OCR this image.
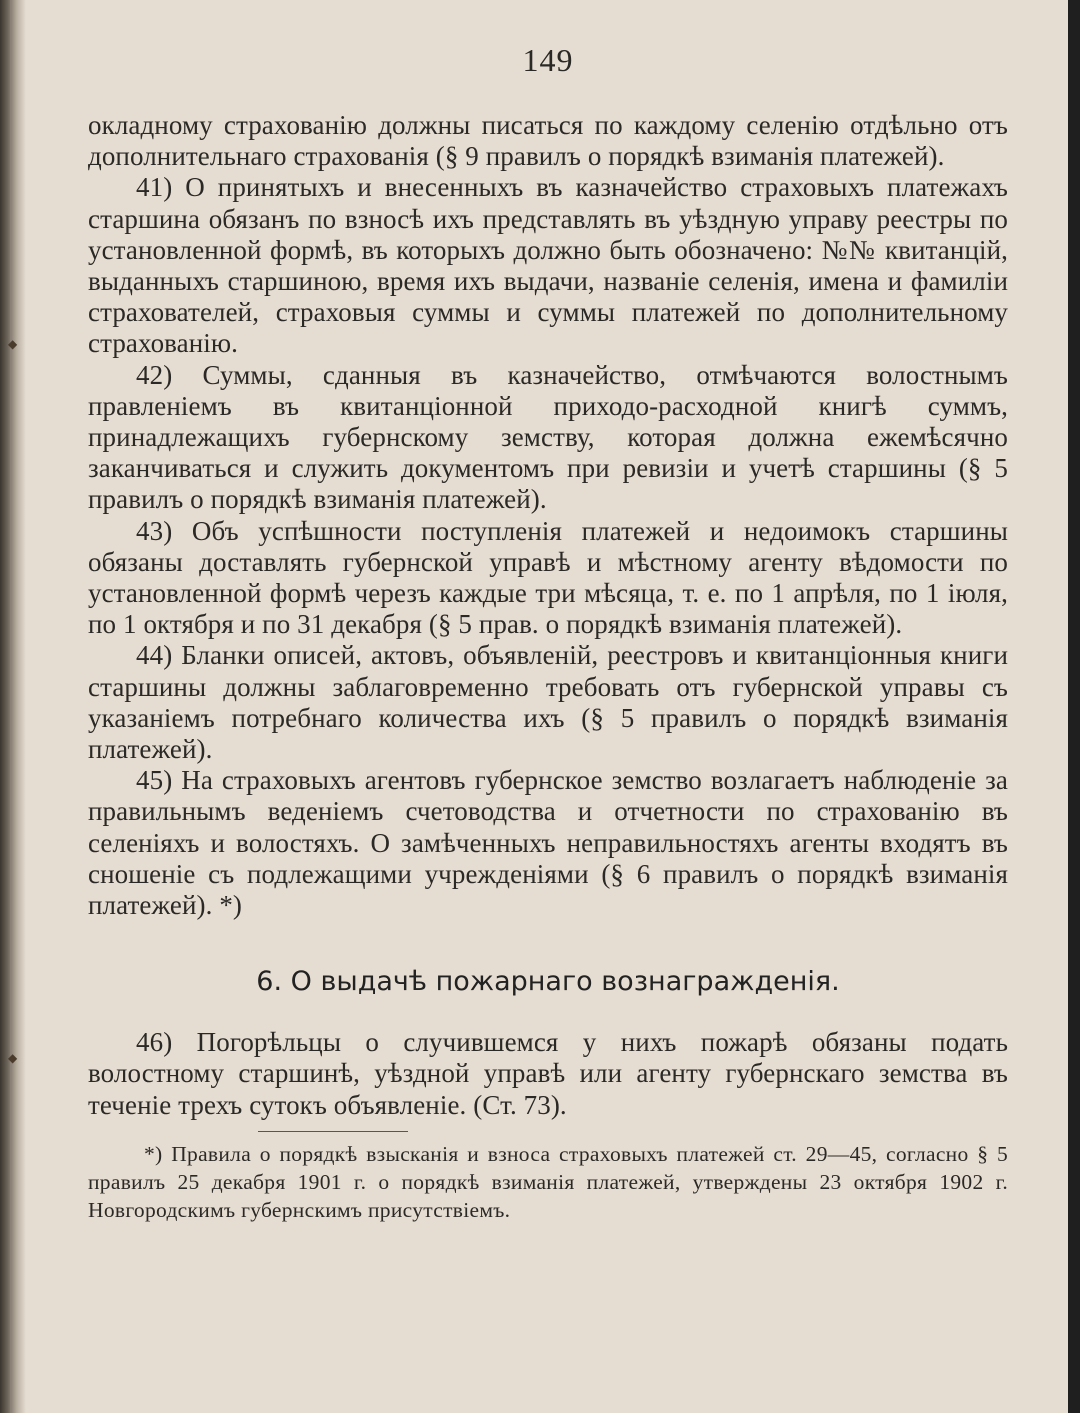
◆
◆
149

окладному страхованію должны писаться по каждому селенію отдѣльно отъ дополнительнаго страхованія (§ 9 правилъ о порядкѣ взиманія платежей).

41) О принятыхъ и внесенныхъ въ казначейство страховыхъ платежахъ старшина обязанъ по взносѣ ихъ представлять въ уѣздную управу реестры по установленной формѣ, въ которыхъ должно быть обозначено: №№ квитанцій, выданныхъ старшиною, время ихъ выдачи, названіе селенія, имена и фамиліи страхователей, страховыя суммы и суммы платежей по дополнительному страхованію.

42) Суммы, сданныя въ казначейство, отмѣчаются волостнымъ правленіемъ въ квитанціонной приходо-расходной книгѣ суммъ, принадлежащихъ губернскому земству, которая должна ежемѣсячно заканчиваться и служить документомъ при ревизіи и учетѣ старшины (§ 5 правилъ о порядкѣ взиманія платежей).

43) Объ успѣшности поступленія платежей и недоимокъ старшины обязаны доставлять губернской управѣ и мѣстному агенту вѣдомости по установленной формѣ черезъ каждые три мѣсяца, т. е. по 1 апрѣля, по 1 іюля, по 1 октября и по 31 декабря (§ 5 прав. о порядкѣ взиманія платежей).

44) Бланки описей, актовъ, объявленій, реестровъ и квитанціонныя книги старшины должны заблаговременно требовать отъ губернской управы съ указаніемъ потребнаго количества ихъ (§ 5 правилъ о порядкѣ взиманія платежей).

45) На страховыхъ агентовъ губернское земство возлагаетъ наблюденіе за правильнымъ веденіемъ счетоводства и отчетности по страхованію въ селеніяхъ и волостяхъ. О замѣченныхъ неправильностяхъ агенты входятъ въ сношеніе съ подлежащими учрежденіями (§ 6 правилъ о порядкѣ взиманія платежей). *)

6. О выдачѣ пожарнаго вознагражденія.

46) Погорѣльцы о случившемся у нихъ пожарѣ обязаны подать волостному старшинѣ, уѣздной управѣ или агенту губернскаго земства въ теченіе трехъ сутокъ объявленіе. (Ст. 73).

*) Правила о порядкѣ взысканія и взноса страховыхъ платежей ст. 29—45, согласно § 5 правилъ 25 декабря 1901 г. о порядкѣ взиманія платежей, утверждены 23 октября 1902 г. Новгородскимъ губернскимъ присутствіемъ.
